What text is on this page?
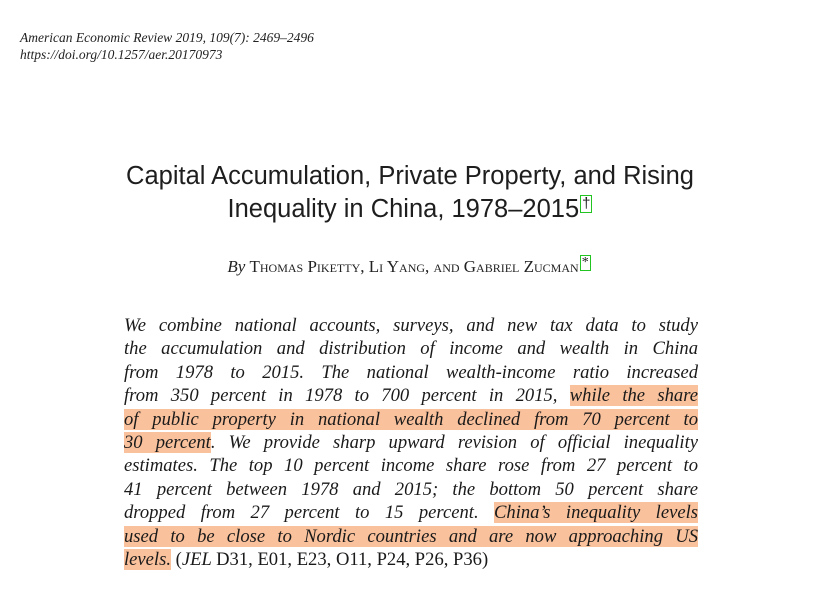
American Economic Review 2019, 109(7): 2469–2496
https://doi.org/10.1257/aer.20170973
Capital Accumulation, Private Property, and Rising
Inequality in China, 1978–2015 †
By Thomas Piketty, Li Yang, and Gabriel Zucman *
We combine national accounts, surveys, and new tax data to study
the accumulation and distribution of income and wealth in China
from 1978 to 2015. The national wealth-income ratio increased
from 350 percent in 1978 to 700 percent in 2015, while the share
of public property in national wealth declined from 70 percent to
30 percent. We provide sharp upward revision of official inequality
estimates. The top 10 percent income share rose from 27 percent to
41 percent between 1978 and 2015; the bottom 50 percent share
dropped from 27 percent to 15 percent. China’s inequality levels
used to be close to Nordic countries and are now approaching US
levels. (JEL D31, E01, E23, O11, P24, P26, P36)
